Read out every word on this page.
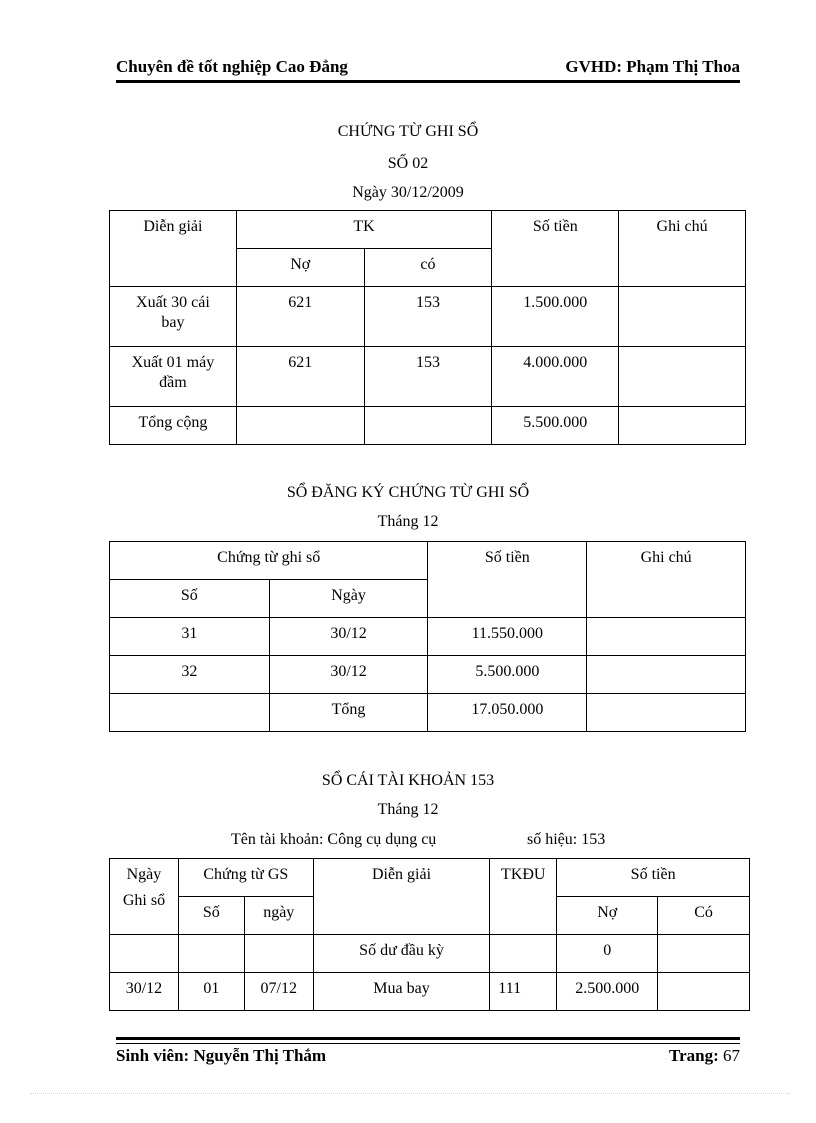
Chuyên đề tốt nghiệp Cao Đẳng	GVHD: Phạm Thị Thoa
CHỨNG TỪ GHI SỔ
SỐ 02
Ngày 30/12/2009
Diễn giải	TK		Số tiền	Ghi chú
	Nợ	có		
Xuất 30 cái bay	621	153	1.500.000	
Xuất 01 máy đầm	621	153	4.000.000	
Tổng cộng			5.500.000	
SỔ ĐĂNG KÝ CHỨNG TỪ GHI SỔ
Tháng 12
Chứng từ ghi sổ		Số tiền	Ghi chú
Số	Ngày		
31	30/12	11.550.000	
32	30/12	5.500.000	
	Tổng	17.050.000	
SỔ CÁI TÀI KHOẢN 153
Tháng 12
Tên tài khoản: Công cụ dụng cụ	số hiệu: 153
Ngày
Ghi sổ	Chứng từ GS		Diễn giải	TKĐU	Số tiền	
	Số	ngày			Nợ	Có
			Số dư đầu kỳ		0	
30/12	01	07/12	Mua bay	111	2.500.000	
Sinh viên: Nguyễn Thị Thắm	Trang: 67
